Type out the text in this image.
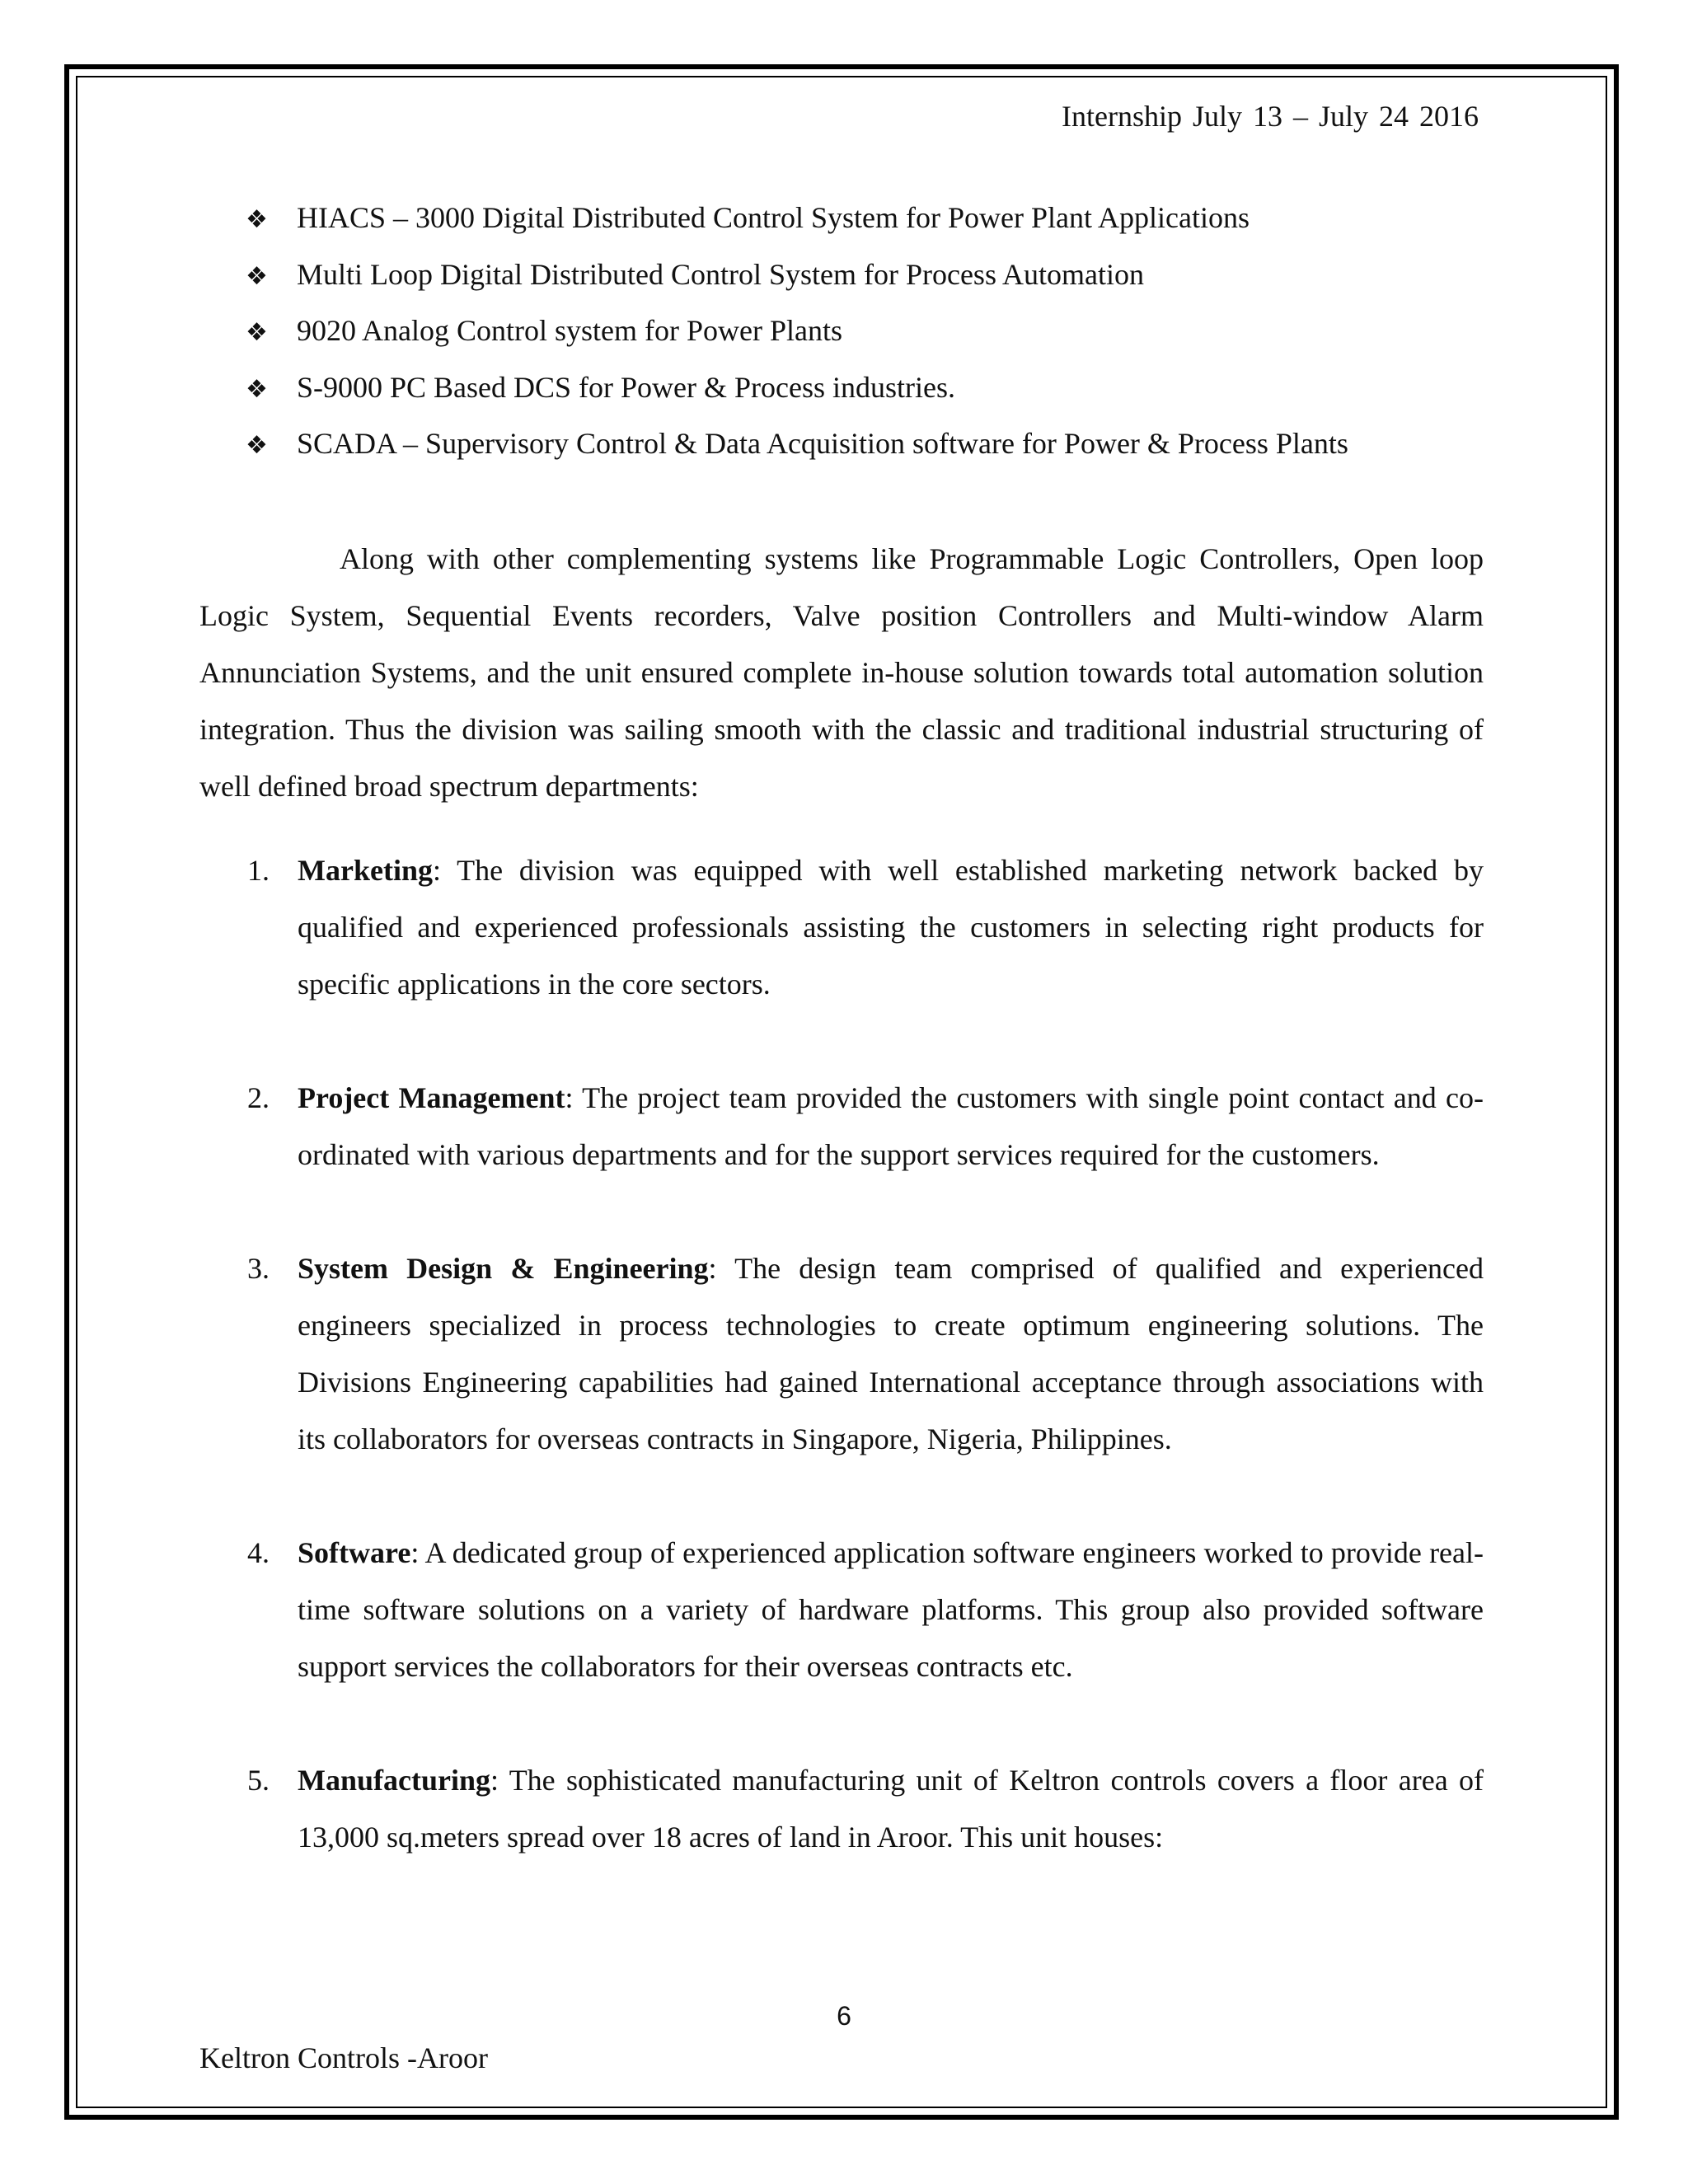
Internship July 13 – July 24 2016
❖ HIACS – 3000 Digital Distributed Control System for Power Plant Applications
❖ Multi Loop Digital Distributed Control System for Process Automation
❖ 9020 Analog Control system for Power Plants
❖ S-9000 PC Based DCS for Power & Process industries.
❖ SCADA – Supervisory Control & Data Acquisition software for Power & Process Plants

Along with other complementing systems like Programmable Logic Controllers, Open loop Logic System, Sequential Events recorders, Valve position Controllers and Multi-window Alarm Annunciation Systems, and the unit ensured complete in-house solution towards total automation solution integration. Thus the division was sailing smooth with the classic and traditional industrial structuring of well defined broad spectrum departments:

1. Marketing: The division was equipped with well established marketing network backed by qualified and experienced professionals assisting the customers in selecting right products for specific applications in the core sectors.
2. Project Management: The project team provided the customers with single point contact and co-ordinated with various departments and for the support services required for the customers.
3. System Design & Engineering: The design team comprised of qualified and experienced engineers specialized in process technologies to create optimum engineering solutions. The Divisions Engineering capabilities had gained International acceptance through associations with its collaborators for overseas contracts in Singapore, Nigeria, Philippines.
4. Software: A dedicated group of experienced application software engineers worked to provide real-time software solutions on a variety of hardware platforms. This group also provided software support services the collaborators for their overseas contracts etc.
5. Manufacturing: The sophisticated manufacturing unit of Keltron controls covers a floor area of 13,000 sq.meters spread over 18 acres of land in Aroor. This unit houses:
6
Keltron Controls -Aroor
